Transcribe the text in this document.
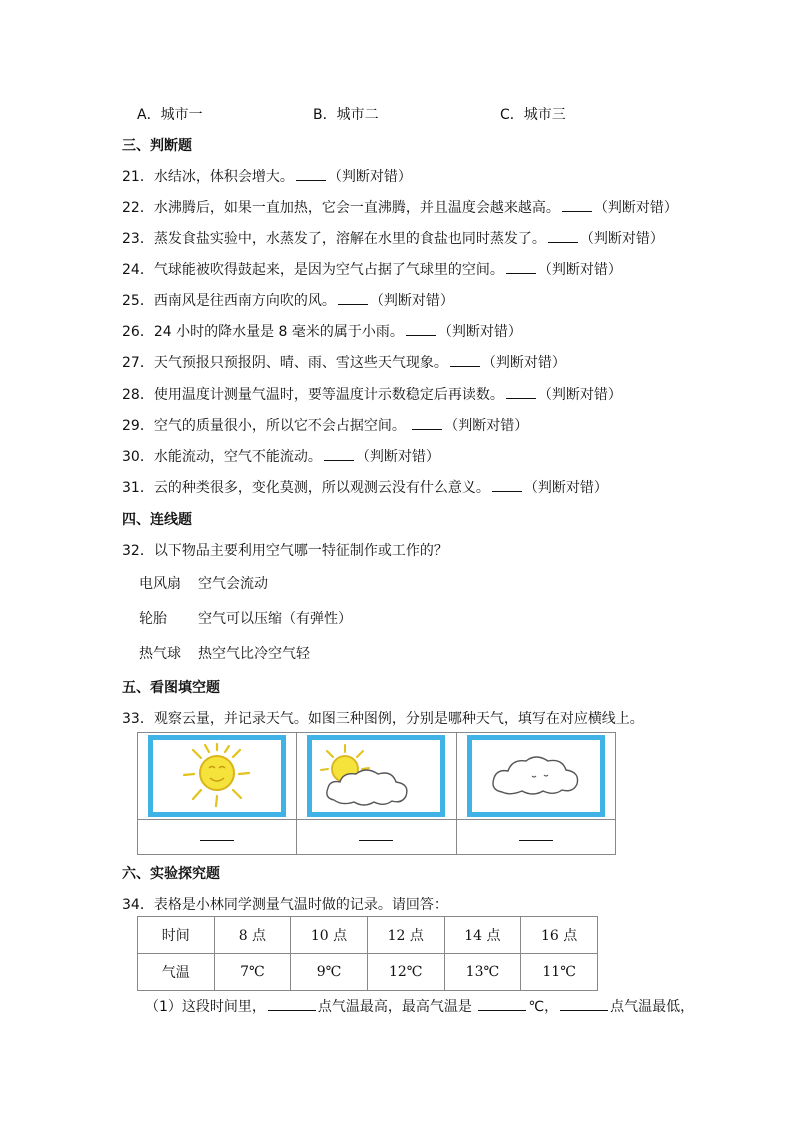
A．城市一	B．城市二	C．城市三
三、判断题
21．水结冰，体积会增大。 （判断对错）
22．水沸腾后，如果一直加热，它会一直沸腾，并且温度会越来越高。 （判断对错）
23．蒸发食盐实验中，水蒸发了，溶解在水里的食盐也同时蒸发了。 （判断对错）
24．气球能被吹得鼓起来，是因为空气占据了气球里的空间。 （判断对错）
25．西南风是往西南方向吹的风。 （判断对错）
26．24 小时的降水量是 8 毫米的属于小雨。 （判断对错）
27．天气预报只预报阴、晴、雨、雪这些天气现象。 （判断对错）
28．使用温度计测量气温时，要等温度计示数稳定后再读数。 （判断对错）
29．空气的质量很小，所以它不会占据空间。 （判断对错）
30．水能流动，空气不能流动。 （判断对错）
31．云的种类很多，变化莫测，所以观测云没有什么意义。 （判断对错）
四、连线题
32．以下物品主要利用空气哪一特征制作或工作的？
电风扇 空气会流动
轮胎 空气可以压缩（有弹性）
热气球 热空气比冷空气轻
五、看图填空题
33．观察云量，并记录天气。如图三种图例，分别是哪种天气，填写在对应横线上。

六、实验探究题
34．表格是小林同学测量气温时做的记录。请回答：
时间	8 点	10 点	12 点	14 点	16 点
气温	7℃	9℃	12℃	13℃	11℃
（1）这段时间里，	点气温最高，最高气温是	℃，	点气温最低，
